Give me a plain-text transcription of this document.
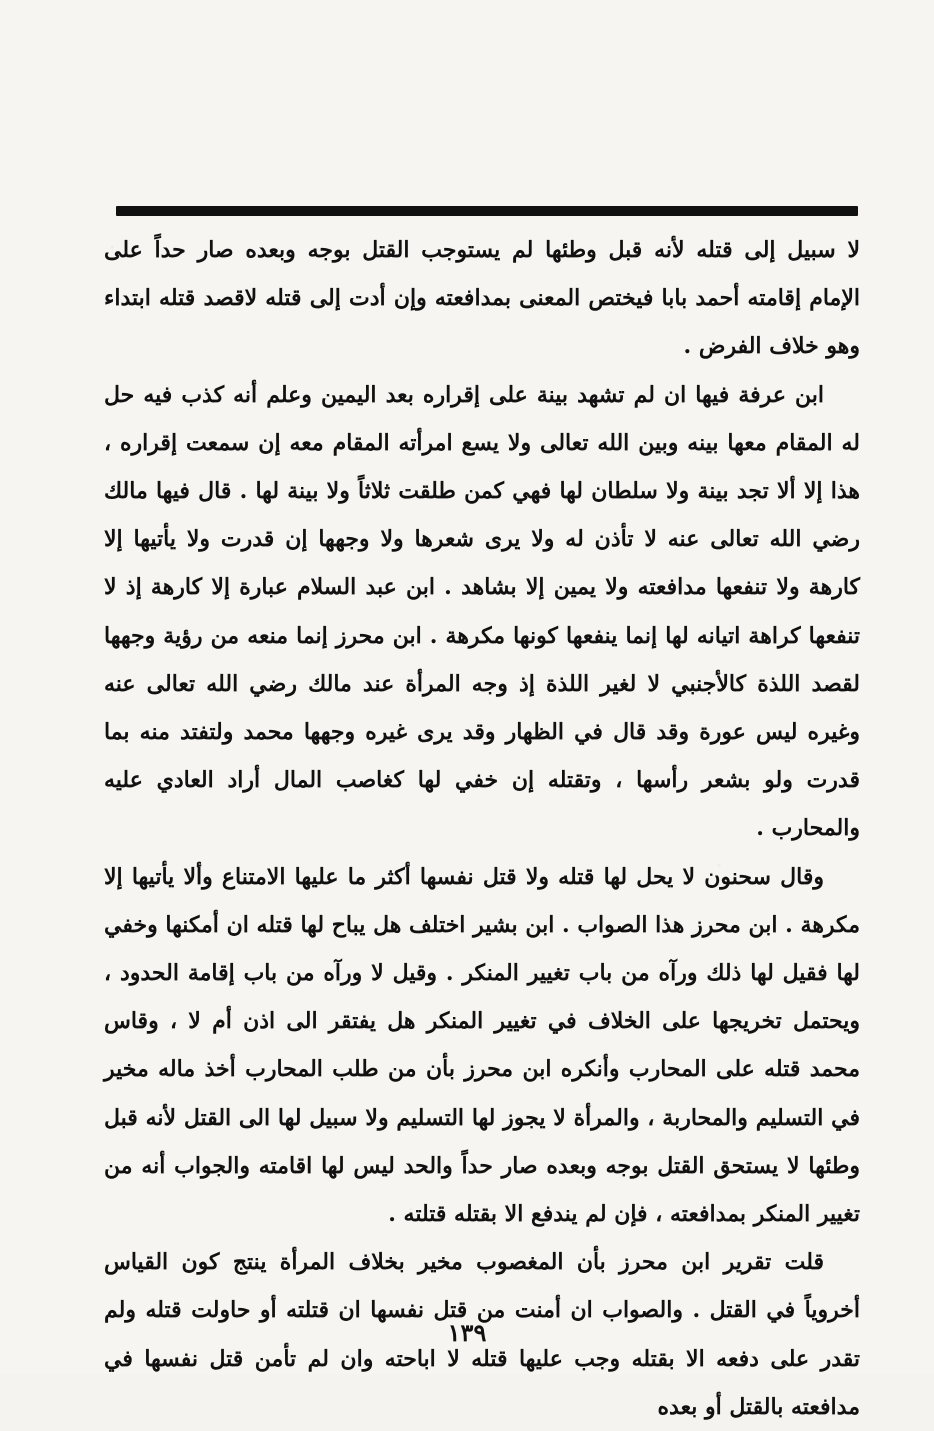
لا سبيل إلى قتله لأنه قبل وطئها لم يستوجب القتل بوجه وبعده صار حداً على الإمام إقامته أحمد بابا فيختص المعنى بمدافعته وإن أدت إلى قتله لاقصد قتله ابتداء وهو خلاف الفرض .

ابن عرفة فيها ان لم تشهد بينة على إقراره بعد اليمين وعلم أنه كذب فيه حل له المقام معها بينه وبين الله تعالى ولا يسع امرأته المقام معه إن سمعت إقراره ، هذا إلا ألا تجد بينة ولا سلطان لها فهي كمن طلقت ثلاثاً ولا بينة لها . قال فيها مالك رضي الله تعالى عنه لا تأذن له ولا يرى شعرها ولا وجهها إن قدرت ولا يأتيها إلا كارهة ولا تنفعها مدافعته ولا يمين إلا بشاهد . ابن عبد السلام عبارة إلا كارهة إذ لا تنفعها كراهة اتيانه لها إنما ينفعها كونها مكرهة . ابن محرز إنما منعه من رؤية وجهها لقصد اللذة كالأجنبي لا لغير اللذة إذ وجه المرأة عند مالك رضي الله تعالى عنه وغيره ليس عورة وقد قال في الظهار وقد يرى غيره وجهها محمد ولتفتد منه بما قدرت ولو بشعر رأسها ، وتقتله إن خفي لها كغاصب المال أراد العادي عليه والمحارب .

وقال سحنون لا يحل لها قتله ولا قتل نفسها أكثر ما عليها الامتناع وألا يأتيها إلا مكرهة . ابن محرز هذا الصواب . ابن بشير اختلف هل يباح لها قتله ان أمكنها وخفي لها فقيل لها ذلك ورآه من باب تغيير المنكر . وقيل لا ورآه من باب إقامة الحدود ، ويحتمل تخريجها على الخلاف في تغيير المنكر هل يفتقر الى اذن أم لا ، وقاس محمد قتله على المحارب وأنكره ابن محرز بأن من طلب المحارب أخذ ماله مخير في التسليم والمحاربة ، والمرأة لا يجوز لها التسليم ولا سبيل لها الى القتل لأنه قبل وطئها لا يستحق القتل بوجه وبعده صار حداً والحد ليس لها اقامته والجواب أنه من تغيير المنكر بمدافعته ، فإن لم يندفع الا بقتله قتلته .

قلت تقرير ابن محرز بأن المغصوب مخير بخلاف المرأة ينتج كون القياس أخروياً في القتل . والصواب ان أمنت من قتل نفسها ان قتلته أو حاولت قتله ولم تقدر على دفعه الا بقتله وجب عليها قتله لا اباحته وان لم تأمن قتل نفسها في مدافعته بالقتل أو بعده

١٣٩
